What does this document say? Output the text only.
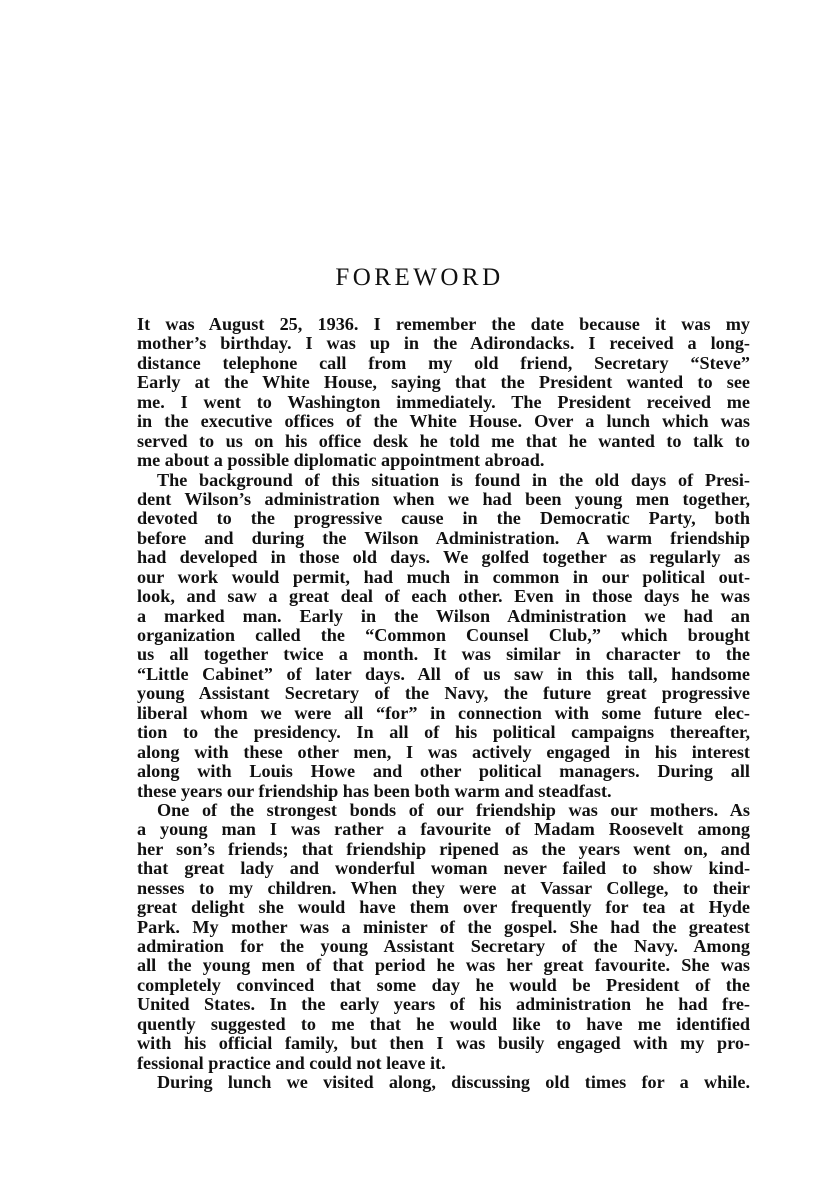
FOREWORD
It was August 25, 1936. I remember the date because it was my
mother’s birthday. I was up in the Adirondacks. I received a long-
distance telephone call from my old friend, Secretary “Steve”
Early at the White House, saying that the President wanted to see
me. I went to Washington immediately. The President received me
in the executive offices of the White House. Over a lunch which was
served to us on his office desk he told me that he wanted to talk to
me about a possible diplomatic appointment abroad.
The background of this situation is found in the old days of Presi-
dent Wilson’s administration when we had been young men together,
devoted to the progressive cause in the Democratic Party, both
before and during the Wilson Administration. A warm friendship
had developed in those old days. We golfed together as regularly as
our work would permit, had much in common in our political out-
look, and saw a great deal of each other. Even in those days he was
a marked man. Early in the Wilson Administration we had an
organization called the “Common Counsel Club,” which brought
us all together twice a month. It was similar in character to the
“Little Cabinet” of later days. All of us saw in this tall, handsome
young Assistant Secretary of the Navy, the future great progressive
liberal whom we were all “for” in connection with some future elec-
tion to the presidency. In all of his political campaigns thereafter,
along with these other men, I was actively engaged in his interest
along with Louis Howe and other political managers. During all
these years our friendship has been both warm and steadfast.
One of the strongest bonds of our friendship was our mothers. As
a young man I was rather a favourite of Madam Roosevelt among
her son’s friends; that friendship ripened as the years went on, and
that great lady and wonderful woman never failed to show kind-
nesses to my children. When they were at Vassar College, to their
great delight she would have them over frequently for tea at Hyde
Park. My mother was a minister of the gospel. She had the greatest
admiration for the young Assistant Secretary of the Navy. Among
all the young men of that period he was her great favourite. She was
completely convinced that some day he would be President of the
United States. In the early years of his administration he had fre-
quently suggested to me that he would like to have me identified
with his official family, but then I was busily engaged with my pro-
fessional practice and could not leave it.
During lunch we visited along, discussing old times for a while.
